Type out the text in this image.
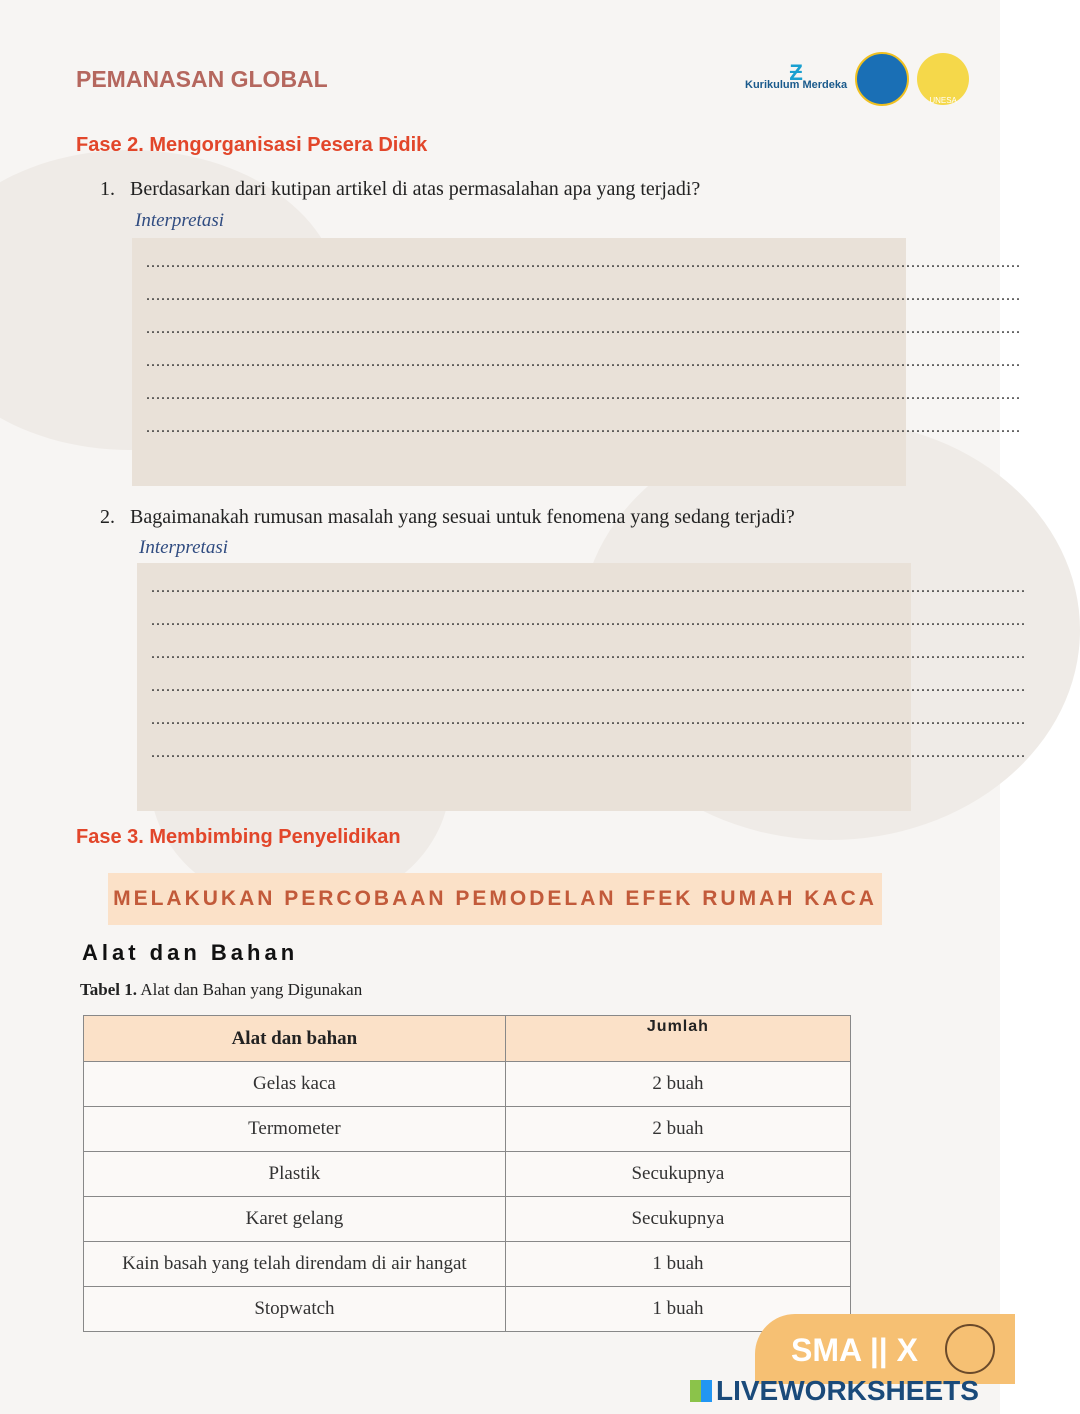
PEMANASAN GLOBAL	Ƶ
Kurikulum Merdeka
UNESA
Fase 2. Mengorganisasi Pesera Didik
1. Berdasarkan dari kutipan artikel di atas permasalahan apa yang terjadi?
Interpretasi
...............................................................................................................................................................................
...............................................................................................................................................................................
...............................................................................................................................................................................
...............................................................................................................................................................................
...............................................................................................................................................................................
...............................................................................................................................................................................
2. Bagaimanakah rumusan masalah yang sesuai untuk fenomena yang sedang terjadi?
Interpretasi
...............................................................................................................................................................................
...............................................................................................................................................................................
...............................................................................................................................................................................
...............................................................................................................................................................................
...............................................................................................................................................................................
...............................................................................................................................................................................
Fase 3. Membimbing Penyelidikan
MELAKUKAN PERCOBAAN PEMODELAN EFEK RUMAH KACA
Alat dan Bahan
Tabel 1. Alat dan Bahan yang Digunakan
Alat dan bahan	Jumlah
Gelas kaca	2 buah
Termometer	2 buah
Plastik	Secukupnya
Karet gelang	Secukupnya
Kain basah yang telah direndam di air hangat	1 buah
Stopwatch	1 buah
SMA || X
LIVEWORKSHEETS
